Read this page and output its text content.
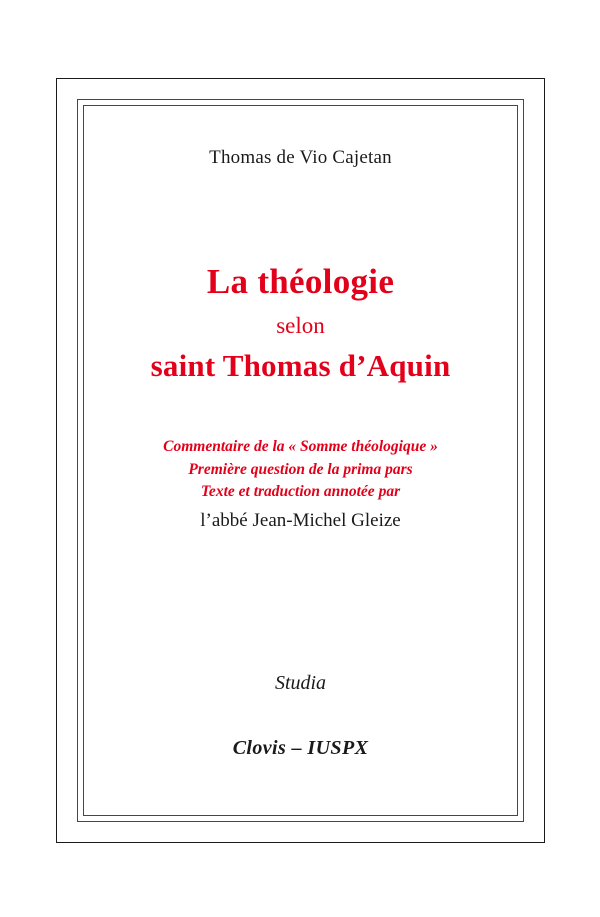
Thomas de Vio Cajetan
La théologie
selon
saint Thomas d’Aquin
Commentaire de la « Somme théologique »
Première question de la prima pars
Texte et traduction annotée par
l’abbé Jean-Michel Gleize
Studia
Clovis – IUSPX
